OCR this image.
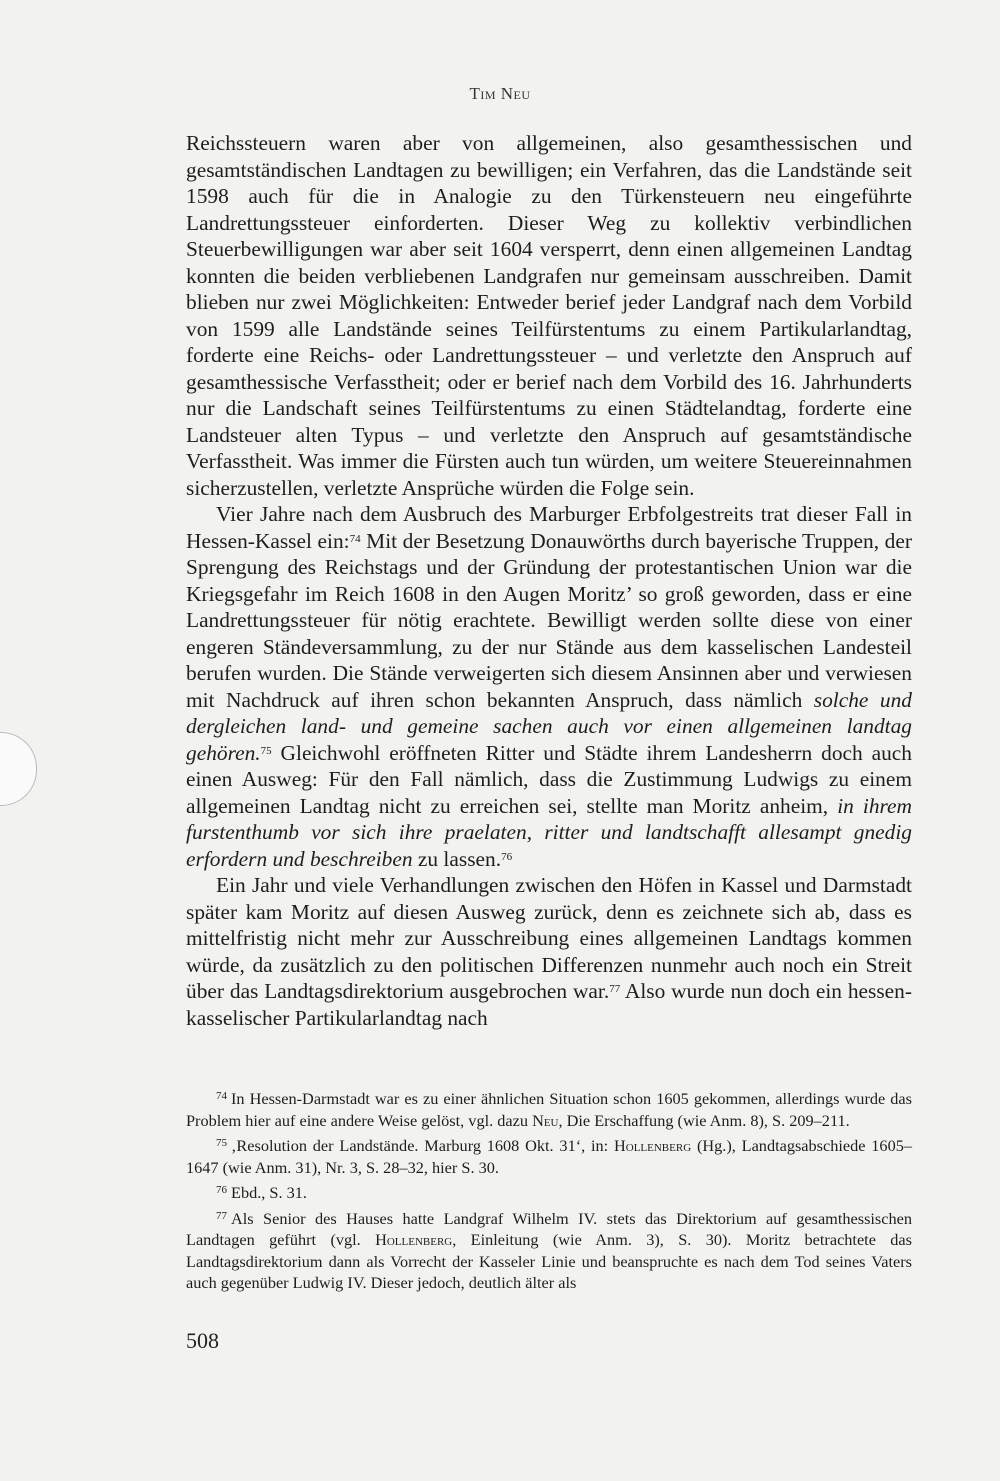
Tim Neu

Reichssteuern waren aber von allgemeinen, also gesamthessischen und gesamtständischen Landtagen zu bewilligen; ein Verfahren, das die Landstände seit 1598 auch für die in Analogie zu den Türkensteuern neu eingeführte Landrettungssteuer einforderten. Dieser Weg zu kollektiv verbindlichen Steuerbewilligungen war aber seit 1604 versperrt, denn einen allgemeinen Landtag konnten die beiden verbliebenen Landgrafen nur gemeinsam ausschreiben. Damit blieben nur zwei Möglichkeiten: Entweder berief jeder Landgraf nach dem Vorbild von 1599 alle Landstände seines Teilfürstentums zu einem Partikularlandtag, forderte eine Reichs- oder Landrettungssteuer – und verletzte den Anspruch auf gesamthessische Verfasstheit; oder er berief nach dem Vorbild des 16. Jahrhunderts nur die Landschaft seines Teilfürstentums zu einen Städtelandtag, forderte eine Landsteuer alten Typus – und verletzte den Anspruch auf gesamtständische Verfasstheit. Was immer die Fürsten auch tun würden, um weitere Steuereinnahmen sicherzustellen, verletzte Ansprüche würden die Folge sein.

Vier Jahre nach dem Ausbruch des Marburger Erbfolgestreits trat dieser Fall in Hessen-Kassel ein:$^{74}$ Mit der Besetzung Donauwörths durch bayerische Truppen, der Sprengung des Reichstags und der Gründung der protestantischen Union war die Kriegsgefahr im Reich 1608 in den Augen Moritz’ so groß geworden, dass er eine Landrettungssteuer für nötig erachtete. Bewilligt werden sollte diese von einer engeren Ständeversammlung, zu der nur Stände aus dem kasselischen Landesteil berufen wurden. Die Stände verweigerten sich diesem Ansinnen aber und verwiesen mit Nachdruck auf ihren schon bekannten Anspruch, dass nämlich solche und dergleichen land- und gemeine sachen auch vor einen allgemeinen landtag gehören.$^{75}$ Gleichwohl eröffneten Ritter und Städte ihrem Landesherrn doch auch einen Ausweg: Für den Fall nämlich, dass die Zustimmung Ludwigs zu einem allgemeinen Landtag nicht zu erreichen sei, stellte man Moritz anheim, in ihrem furstenthumb vor sich ihre praelaten, ritter und landtschafft allesampt gnedig erfordern und beschreiben zu lassen.$^{76}$

Ein Jahr und viele Verhandlungen zwischen den Höfen in Kassel und Darmstadt später kam Moritz auf diesen Ausweg zurück, denn es zeichnete sich ab, dass es mittelfristig nicht mehr zur Ausschreibung eines allgemeinen Landtags kommen würde, da zusätzlich zu den politischen Differenzen nunmehr auch noch ein Streit über das Landtagsdirektorium ausgebrochen war.$^{77}$ Also wurde nun doch ein hessen-kasselischer Partikularlandtag nach

$^{74}$ In Hessen-Darmstadt war es zu einer ähnlichen Situation schon 1605 gekommen, allerdings wurde das Problem hier auf eine andere Weise gelöst, vgl. dazu Neu, Die Erschaffung (wie Anm. 8), S. 209–211.

$^{75}$ ‚Resolution der Landstände. Marburg 1608 Okt. 31‘, in: Hollenberg (Hg.), Landtagsabschiede 1605–1647 (wie Anm. 31), Nr. 3, S. 28–32, hier S. 30.

$^{76}$ Ebd., S. 31.

$^{77}$ Als Senior des Hauses hatte Landgraf Wilhelm IV. stets das Direktorium auf gesamthessischen Landtagen geführt (vgl. Hollenberg, Einleitung (wie Anm. 3), S. 30). Moritz betrachtete das Landtagsdirektorium dann als Vorrecht der Kasseler Linie und beanspruchte es nach dem Tod seines Vaters auch gegenüber Ludwig IV. Dieser jedoch, deutlich älter als

508
